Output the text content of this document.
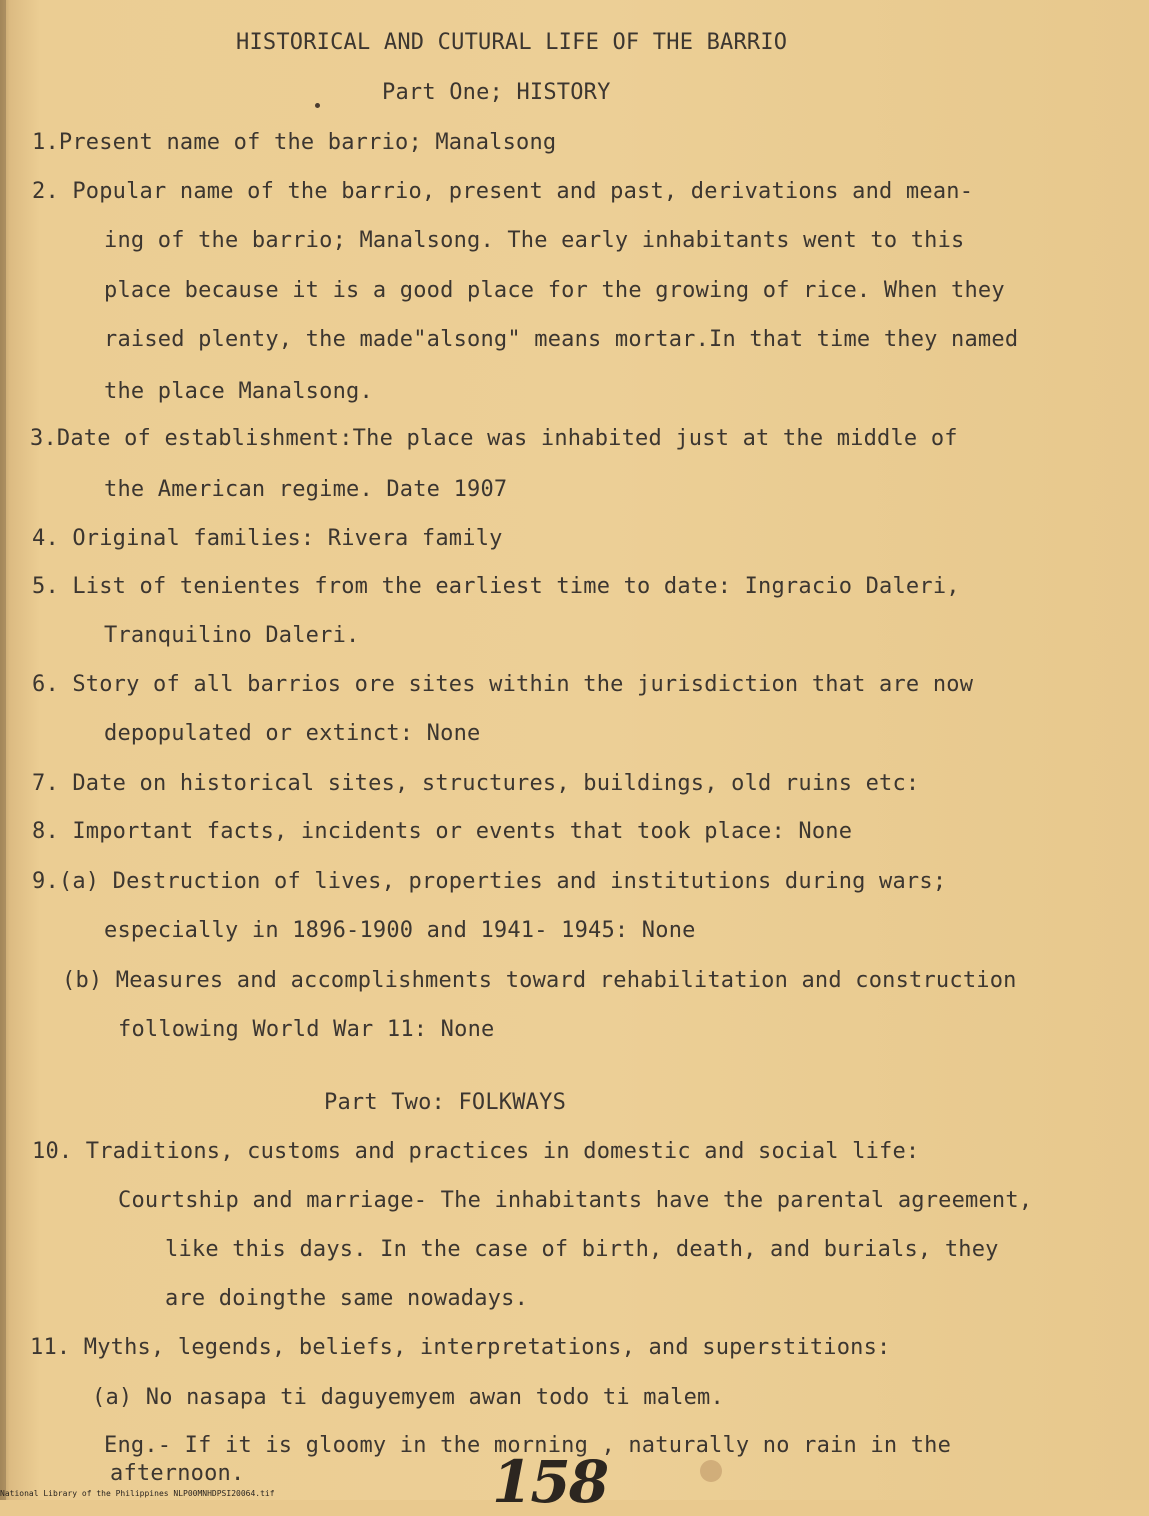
HISTORICAL AND CUTURAL LIFE OF THE BARRIO
Part One; HISTORY
1.Present name of the barrio; Manalsong
2. Popular name of the barrio, present and past, derivations and mean-
ing of the barrio; Manalsong. The early inhabitants went to this
place because it is a good place for the growing of rice. When they
raised plenty, the made"alsong" means mortar.In that time they named
the place Manalsong.
3.Date of establishment:The place was inhabited just at the middle of
the American regime. Date 1907
4. Original families: Rivera family
5. List of tenientes from the earliest time to date: Ingracio Daleri,
Tranquilino Daleri.
6. Story of all barrios ore sites within the jurisdiction that are now
depopulated or extinct: None
7. Date on historical sites, structures, buildings, old ruins etc:
8. Important facts, incidents or events that took place: None
9.(a) Destruction of lives, properties and institutions during wars;
especially in 1896-1900 and 1941- 1945: None
(b) Measures and accomplishments toward rehabilitation and construction
following World War 11: None
Part Two: FOLKWAYS
10. Traditions, customs and practices in domestic and social life:
Courtship and marriage- The inhabitants have the parental agreement,
like this days. In the case of birth, death, and burials, they
are doingthe same nowadays.
11. Myths, legends, beliefs, interpretations, and superstitions:
(a) No nasapa ti daguyemyem awan todo ti malem.
Eng.- If it is gloomy in the morning , naturally no rain in the
afternoon.	158
National Library of the Philippines NLP00MNHDPSI20064.tif
